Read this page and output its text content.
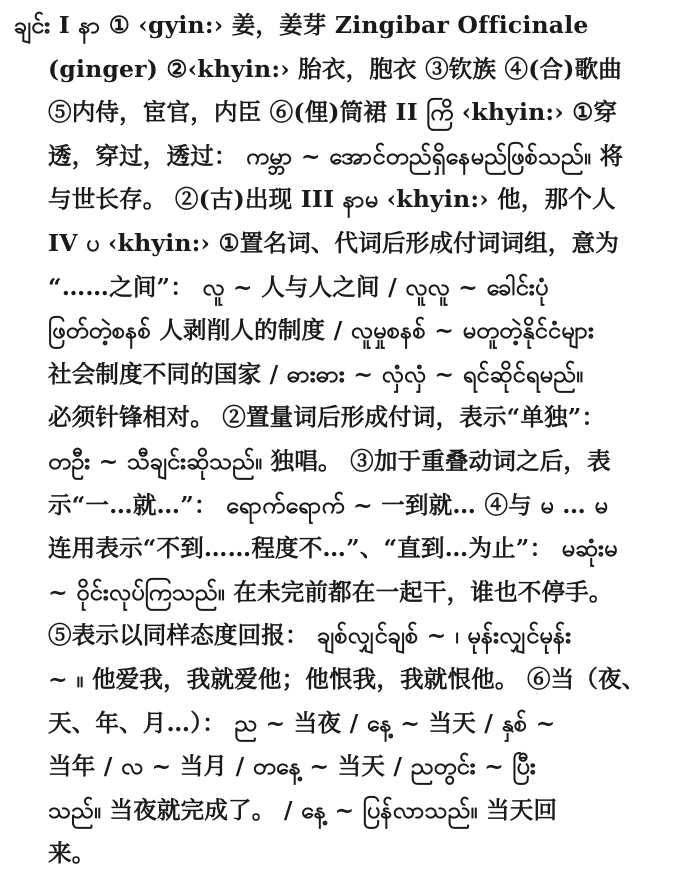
ချင်း I နာ ① ‹gyin:› 姜，姜芽 Zingibar Officinale
(ginger) ②‹khyin:› 胎衣，胞衣 ③钦族 ④(合)歌曲
⑤内侍，宦官，内臣 ⑥(俚)筒裙 II ကြိ ‹khyin:› ①穿
透，穿过，透过： ကမ္ဘာ ~ အောင်တည်ရှိနေမည်ဖြစ်သည်။ 将
与世长存。 ②(古)出现 III နာမ ‹khyin:› 他，那个人
IV ပ ‹khyin:› ①置名词、代词后形成付词词组，意为
“……之间”： လူ ~ 人与人之间 / လူလူ ~ ခေါင်းပုံ
ဖြတ်တဲ့စနစ် 人剥削人的制度 / လူမှုစနစ် ~ မတူတဲ့နိုင်ငံများ
社会制度不同的国家 / ဓားဓား ~ လှံလှံ ~ ရင်ဆိုင်ရမည်။
必须针锋相对。 ②置量词后形成付词，表示“单独”：
တဦး ~ သီချင်းဆိုသည်။ 独唱。 ③加于重叠动词之后，表
示“一…就…”： ရောက်ရောက် ~ 一到就… ④与 မ … မ
连用表示“不到……程度不…”、“直到…为止”： မဆုံးမ
~ ဝိုင်းလုပ်ကြသည်။ 在未完前都在一起干，谁也不停手。
⑤表示以同样态度回报： ချစ်လျှင်ချစ် ~ ၊ မုန်းလျှင်မုန်း
~ ။ 他爱我，我就爱他；他恨我，我就恨他。 ⑥当（夜、
天、年、月…）： ည ~ 当夜 / နေ့ ~ 当天 / နှစ် ~
当年 / လ ~ 当月 / တနေ့ ~ 当天 / ညတွင်း ~ ပြီး
သည်။ 当夜就完成了。 / နေ့ ~ ပြန်လာသည်။ 当天回
来。
